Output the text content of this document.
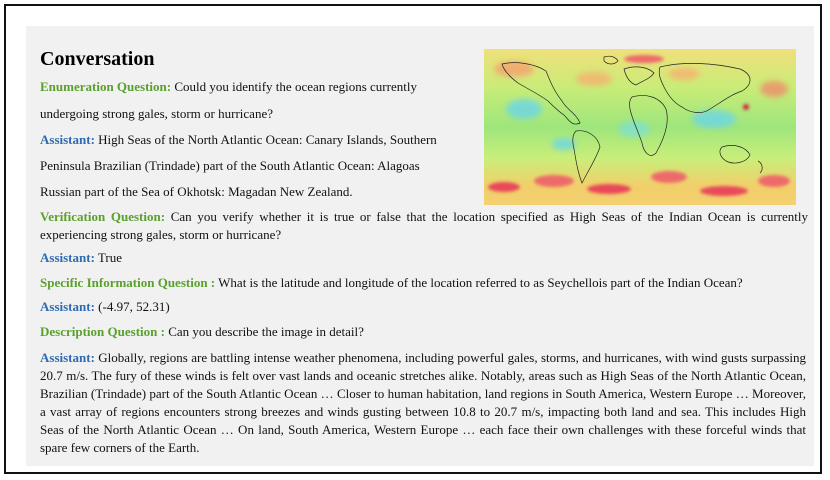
Conversation
Enumeration Question: Could you identify the ocean regions currently
undergoing strong gales, storm or hurricane?
Assistant: High Seas of the North Atlantic Ocean: Canary Islands, Southern
Peninsula Brazilian (Trindade) part of the South Atlantic Ocean: Alagoas
Russian part of the Sea of Okhotsk: Magadan New Zealand.
Verification Question: Can you verify whether it is true or false that the location specified as High Seas of the Indian Ocean is currently experiencing strong gales, storm or hurricane?
Assistant: True
Specific Information Question : What is the latitude and longitude of the location referred to as Seychellois part of the Indian Ocean?
Assistant: (-4.97, 52.31)
Description Question : Can you describe the image in detail?

Assistant: Globally, regions are battling intense weather phenomena, including powerful gales, storms, and hurricanes, with wind gusts surpassing 20.7 m/s. The fury of these winds is felt over vast lands and oceanic stretches alike. Notably, areas such as High Seas of the North Atlantic Ocean, Brazilian (Trindade) part of the South Atlantic Ocean … Closer to human habitation, land regions in South America, Western Europe … Moreover, a vast array of regions encounters strong breezes and winds gusting between 10.8 to 20.7 m/s, impacting both land and sea. This includes High Seas of the North Atlantic Ocean … On land, South America, Western Europe … each face their own challenges with these forceful winds that spare few corners of the Earth.
